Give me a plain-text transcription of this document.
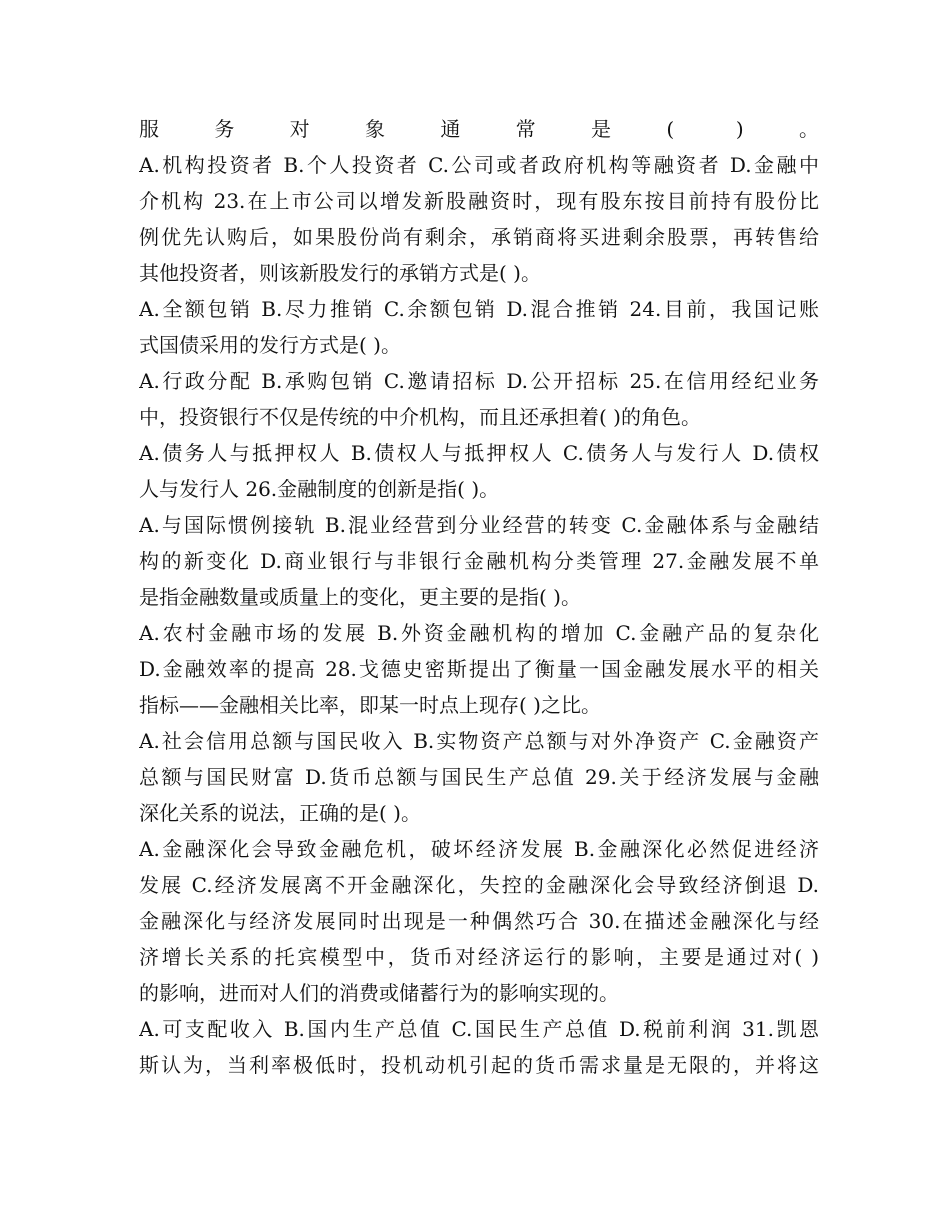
服务对象通常是( )。
A.机构投资者 B.个人投资者 C.公司或者政府机构等融资者 D.金融中
介机构 23.在上市公司以增发新股融资时，现有股东按目前持有股份比
例优先认购后，如果股份尚有剩余，承销商将买进剩余股票，再转售给
其他投资者，则该新股发行的承销方式是( )。
A.全额包销 B.尽力推销 C.余额包销 D.混合推销 24.目前，我国记账
式国债采用的发行方式是( )。
A.行政分配 B.承购包销 C.邀请招标 D.公开招标 25.在信用经纪业务
中，投资银行不仅是传统的中介机构，而且还承担着( )的角色。
A.债务人与抵押权人 B.债权人与抵押权人 C.债务人与发行人 D.债权
人与发行人 26.金融制度的创新是指( )。
A.与国际惯例接轨 B.混业经营到分业经营的转变 C.金融体系与金融结
构的新变化 D.商业银行与非银行金融机构分类管理 27.金融发展不单
是指金融数量或质量上的变化，更主要的是指( )。
A.农村金融市场的发展 B.外资金融机构的增加 C.金融产品的复杂化
D.金融效率的提高 28.戈德史密斯提出了衡量一国金融发展水平的相关
指标——金融相关比率，即某一时点上现存( )之比。
A.社会信用总额与国民收入 B.实物资产总额与对外净资产 C.金融资产
总额与国民财富 D.货币总额与国民生产总值 29.关于经济发展与金融
深化关系的说法，正确的是( )。
A.金融深化会导致金融危机，破坏经济发展 B.金融深化必然促进经济
发展 C.经济发展离不开金融深化，失控的金融深化会导致经济倒退 D.
金融深化与经济发展同时出现是一种偶然巧合 30.在描述金融深化与经
济增长关系的托宾模型中，货币对经济运行的影响，主要是通过对( )
的影响，进而对人们的消费或储蓄行为的影响实现的。
A.可支配收入 B.国内生产总值 C.国民生产总值 D.税前利润 31.凯恩
斯认为，当利率极低时，投机动机引起的货币需求量是无限的，并将这
